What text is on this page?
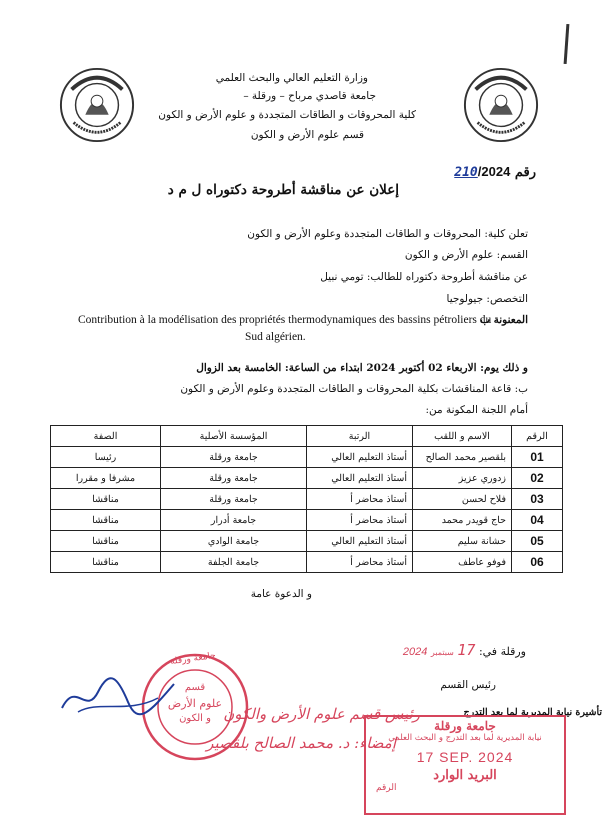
وزارة التعليم العالي والبحث العلمي
جامعة قاصدي مرباح – ورقلة –
كلية المحروقات و الطاقات المتجددة و علوم الأرض و الكون
قسم علوم الأرض و الكون
رقم 210/2024
إعلان عن مناقشة أطروحة دكتوراه ل م د
تعلن كلية: المحروقات و الطاقات المتجددة وعلوم الأرض و الكون
القسم: علوم الأرض و الكون
عن مناقشة أطروحة دكتوراه للطالب: تومي نبيل
التخصص: جيولوجيا
المعنونة ب
Contribution à la modélisation des propriétés thermodynamiques des bassins pétroliers du
Sud algérien.
و ذلك يوم: الاربعاء 02 أكتوبر 2024 ابتداء من الساعة: الخامسة بعد الزوال
ب: قاعة المناقشات بكلية المحروقات و الطاقات المتجددة وعلوم الأرض و الكون
أمام اللجنة المكونة من:
الرقم	الاسم و اللقب	الرتبة	المؤسسة الأصلية	الصفة
01	بلقصير محمد الصالح	أستاذ التعليم العالي	جامعة ورقلة	رئيسا
02	زدوري عزيز	أستاذ التعليم العالي	جامعة ورقلة	مشرفا و مقررا
03	فلاح لحسن	أستاذ محاضر أ	جامعة ورقلة	مناقشا
04	حاج قويدر محمد	أستاذ محاضر أ	جامعة أدرار	مناقشا
05	حشانة سليم	أستاذ التعليم العالي	جامعة الوادي	مناقشا
06	فوفو عاطف	أستاذ محاضر أ	جامعة الجلفة	مناقشا
و الدعوة عامة
ورقلة في: 17 سبتمبر 2024
رئيس القسم
تأشيرة نيابة المديرية لما بعد التدرج
جامعة ورقلة
قسم
علوم الأرض
و الكون رئيس قسم علوم الأرض والكون
إمضاء: د. محمد الصالح بلقصير
جامعة ورقلة
نيابة المديرية لما بعد التدرج و البحث العلمي
17 SEP. 2024
البريد الوارد
الرقم
